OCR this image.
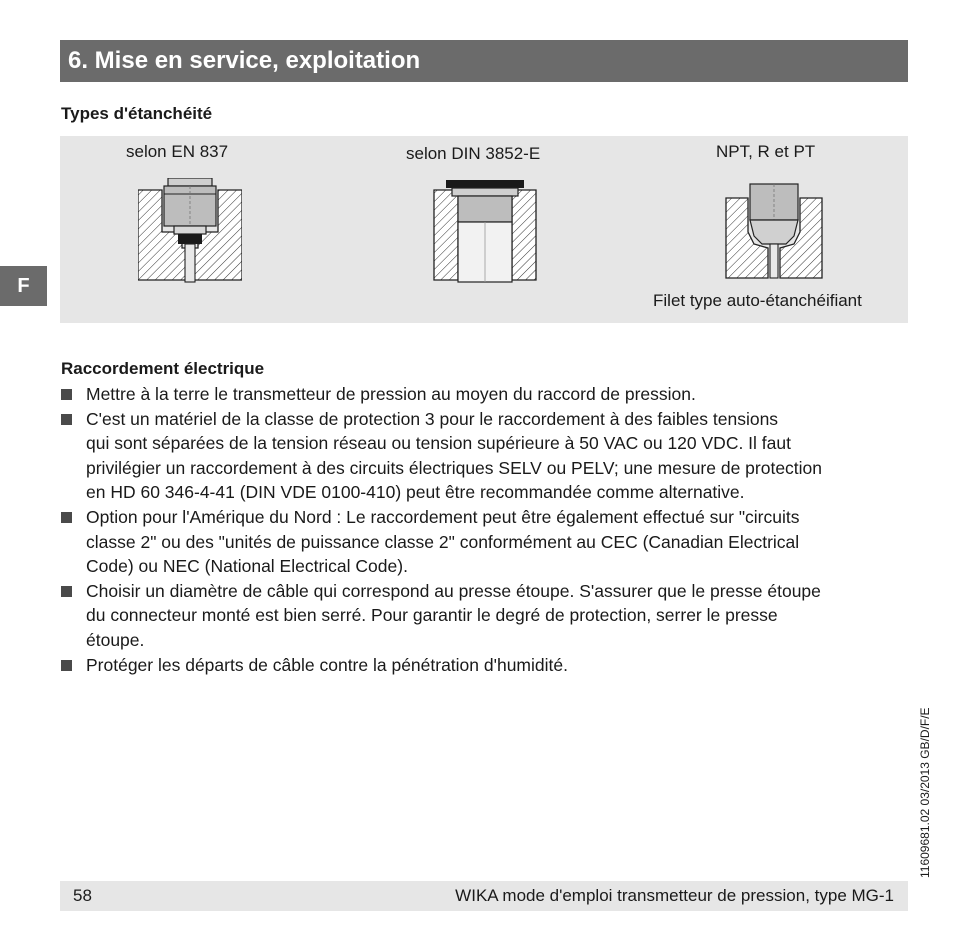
6. Mise en service, exploitation
Types d'étanchéité
selon EN 837	selon DIN 3852-E	NPT, R et PT
Filet type auto-étanchéifiant
F
Raccordement électrique
Mettre à la terre le transmetteur de pression au moyen du raccord de pression.
C'est un matériel de la classe de protection 3 pour le raccordement à des faibles tensions
qui sont séparées de la tension réseau ou tension supérieure à 50 VAC ou 120 VDC. Il faut
privilégier un raccordement à des circuits électriques SELV ou PELV; une mesure de protection
en HD 60 346-4-41 (DIN VDE 0100-410) peut être recommandée comme alternative.
Option pour l'Amérique du Nord : Le raccordement peut être également effectué sur "circuits
classe 2" ou des "unités de puissance classe 2" conformément au CEC (Canadian Electrical
Code) ou NEC (National Electrical Code).
Choisir un diamètre de câble qui correspond au presse étoupe. S'assurer que le presse étoupe
du connecteur monté est bien serré. Pour garantir le degré de protection, serrer le presse
étoupe.
Protéger les départs de câble contre la pénétration d'humidité.
11609681.02 03/2013 GB/D/F/E
58	WIKA mode d'emploi transmetteur de pression, type MG-1
